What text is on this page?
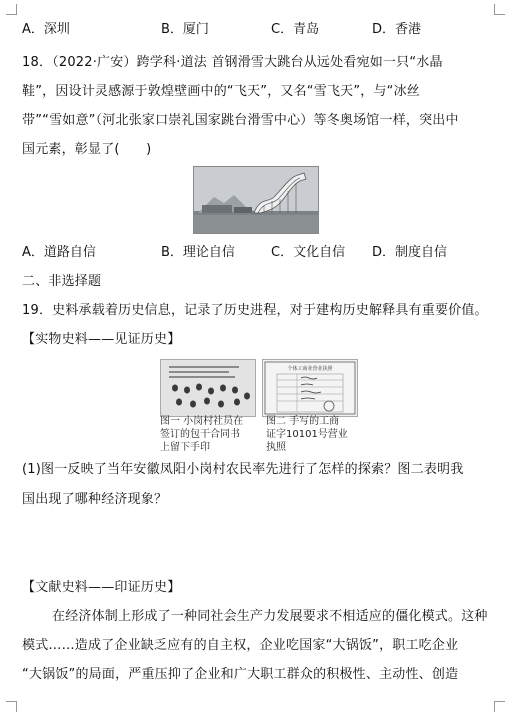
A．深圳	B．厦门	C．青岛	D．香港
18．（2022·广安）跨学科·道法 首钢滑雪大跳台从远处看宛如一只“水晶
鞋”，因设计灵感源于敦煌壁画中的“飞天”，又名“雪飞天”，与“冰丝
带”“雪如意”（河北张家口崇礼国家跳台滑雪中心）等冬奥场馆一样，突出中
国元素，彰显了(　　)
A．道路自信	B．理论自信	C．文化自信 D．制度自信
二、非选择题
19．史料承载着历史信息，记录了历史进程，对于建构历史解释具有重要价值。
【实物史料——见证历史】
图一 小岗村社员在
签订的包干合同书
上留下手印
个体工商业营业执照
图二 手写的工商
证字10101号营业
执照
(1)图一反映了当年安徽凤阳小岗村农民率先进行了怎样的探索？图二表明我
国出现了哪种经济现象？
【文献史料——印证历史】
在经济体制上形成了一种同社会生产力发展要求不相适应的僵化模式。这种
模式……造成了企业缺乏应有的自主权，企业吃国家“大锅饭”，职工吃企业
“大锅饭”的局面，严重压抑了企业和广大职工群众的积极性、主动性、创造
